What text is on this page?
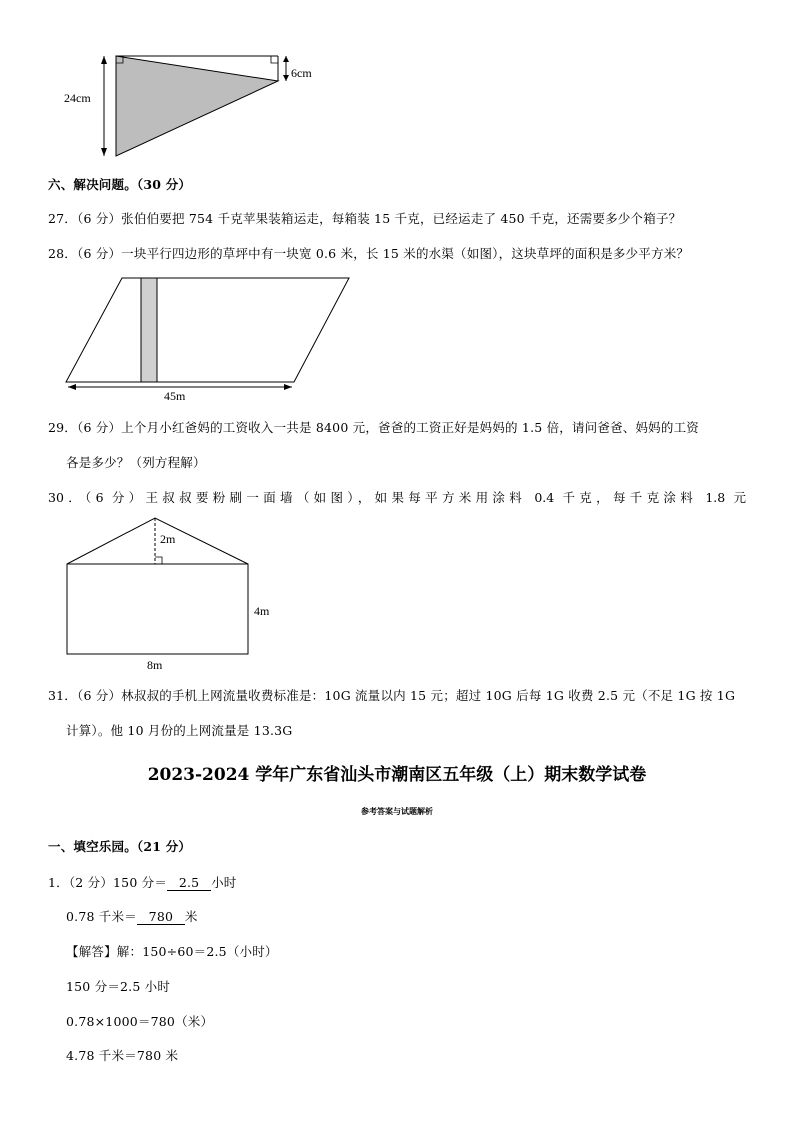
24cm
6cm
六、解决问题。（30 分）
27．（6 分）张伯伯要把 754 千克苹果装箱运走，每箱装 15 千克，已经运走了 450 千克，还需要多少个箱子？
28．（6 分）一块平行四边形的草坪中有一块宽 0.6 米，长 15 米的水渠（如图），这块草坪的面积是多少平方米？
45m
29．（6 分）上个月小红爸妈的工资收入一共是 8400 元，爸爸的工资正好是妈妈的 1.5 倍，请问爸爸、妈妈的工资
各是多少？（列方程解）
30．（6 分）王叔叔要粉刷一面墙（如图），如果每平方米用涂料 0.4 千克，每千克涂料 1.8 元
2m
4m
8m
31．（6 分）林叔叔的手机上网流量收费标准是：10G 流量以内 15 元；超过 10G 后每 1G 收费 2.5 元（不足 1G 按 1G
计算）。他 10 月份的上网流量是 13.3G
2023-2024 学年广东省汕头市潮南区五年级（上）期末数学试卷
参考答案与试题解析
一、填空乐园。（21 分）
1．（2 分）150 分＝ 2.5 小时
0.78 千米＝ 780 米
【解答】解：150÷60＝2.5（小时）
150 分＝2.5 小时
0.78×1000＝780（米）
4.78 千米＝780 米
